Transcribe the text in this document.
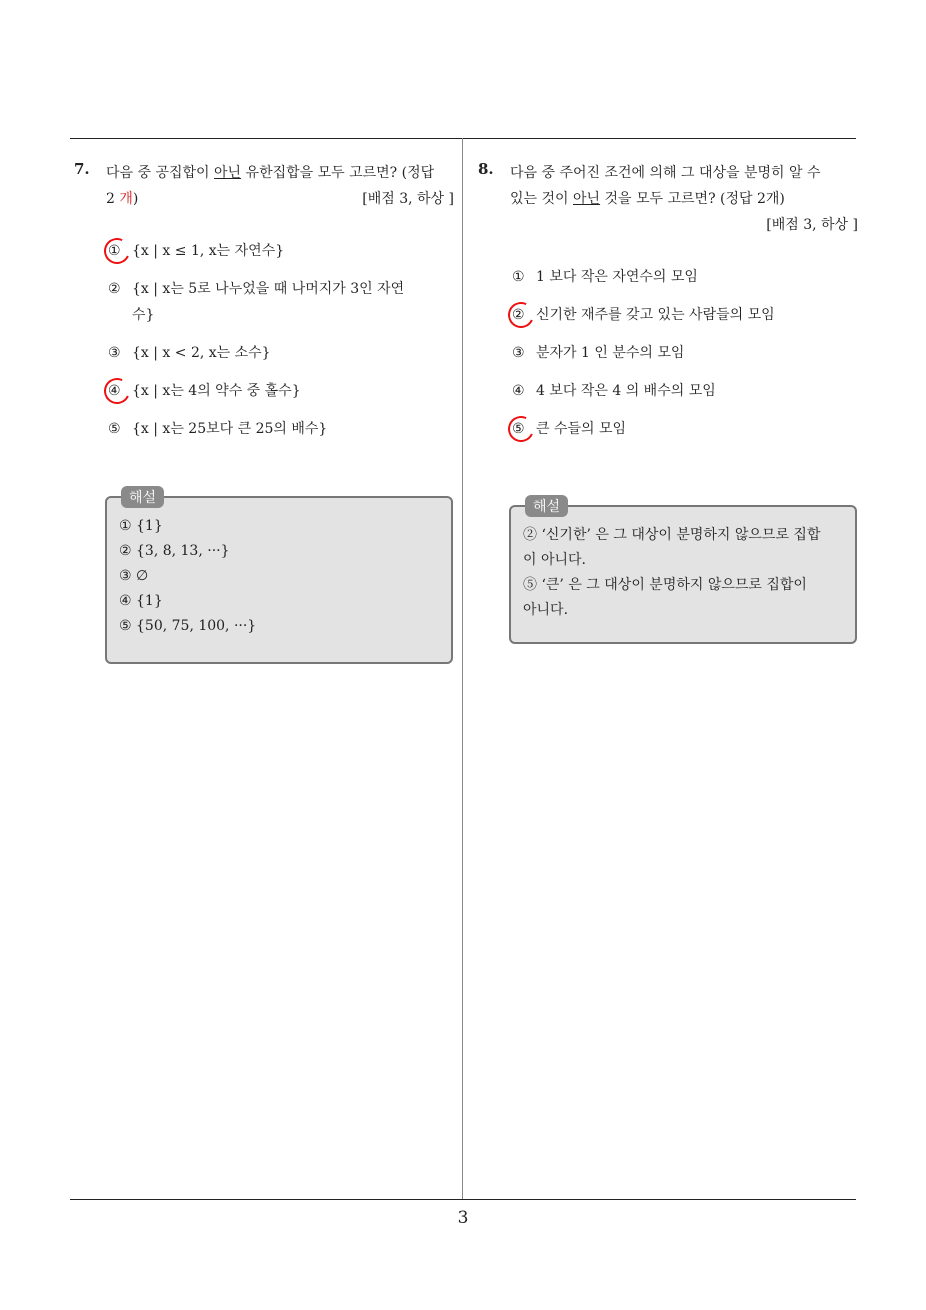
7.	다음 중 공집합이 아닌 유한집합을 모두 고르면? (정답
2 개)	[배점 3, 하상 ]
① {x | x ≤ 1, x는 자연수}
② {x | x는 5로 나누었을 때 나머지가 3인 자연
수}
③ {x | x < 2, x는 소수}
④ {x | x는 4의 약수 중 홀수}
⑤ {x | x는 25보다 큰 25의 배수}
해설
① {1}
② {3, 8, 13, ···}
③ ∅
④ {1}
⑤ {50, 75, 100, ···}
8.	다음 중 주어진 조건에 의해 그 대상을 분명히 알 수
있는 것이 아닌 것을 모두 고르면? (정답 2개)
[배점 3, 하상 ]
① 1 보다 작은 자연수의 모임
② 신기한 재주를 갖고 있는 사람들의 모임
③ 분자가 1 인 분수의 모임
④ 4 보다 작은 4 의 배수의 모임
⑤ 큰 수들의 모임
해설
② ‘신기한’ 은 그 대상이 분명하지 않으므로 집합
이 아니다.
⑤ ‘큰’ 은 그 대상이 분명하지 않으므로 집합이
아니다.
3
